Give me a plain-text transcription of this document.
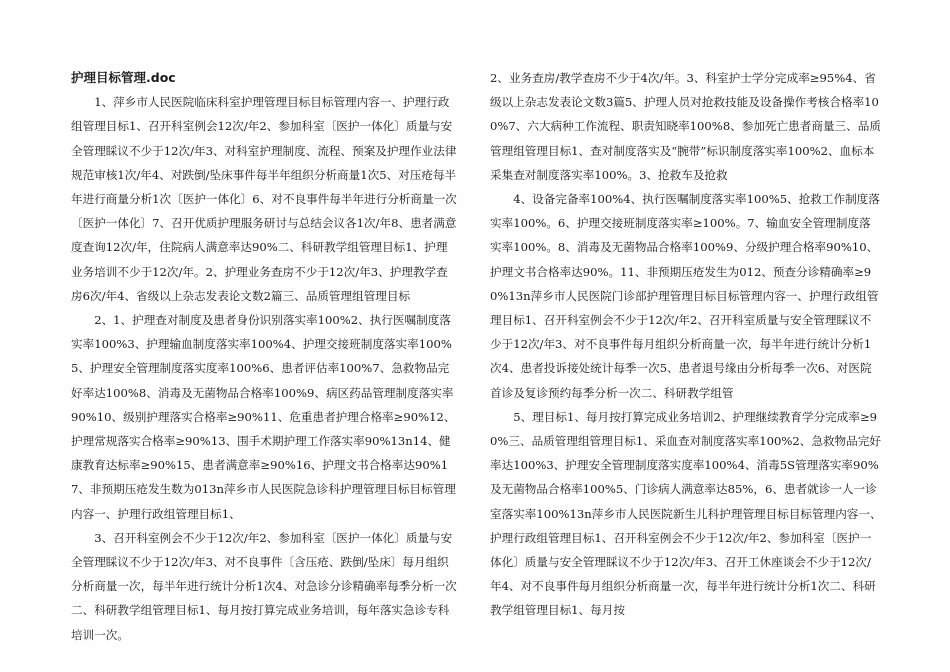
护理目标管理.doc

1、萍乡市人民医院临床科室护理管理目标目标管理内容一、护理行政组管理目标1、召开科室例会12次/年2、参加科室〔医护一体化〕质量与安全管理睬议不少于12次/年3、对科室护理制度、流程、预案及护理作业法律规范审核1次/年4、对跌倒/坠床事件每半年组织分析商量1次5、对压疮每半年进行商量分析1次〔医护一体化〕6、对不良事件每半年进行分析商量一次〔医护一体化〕7、召开优质护理服务研讨与总结会议各1次/年8、患者满意度查询12次/年，住院病人满意率达90%二、科研教学组管理目标1、护理业务培训不少于12次/年。2、护理业务查房不少于12次/年3、护理教学查房6次/年4、省级以上杂志发表论文数2篇三、品质管理组管理目标

2、1、护理查对制度及患者身份识别落实率100%2、执行医嘱制度落实率100%3、护理输血制度落实率100%4、护理交接班制度落实率100%5、护理安全管理制度落实度率100%6、患者评估率100%7、急救物品完好率达100%8、消毒及无菌物品合格率100%9、病区药品管理制度落实率90%10、级别护理落实合格率≥90%11、危重患者护理合格率≥90%12、护理常规落实合格率≥90%13、围手术期护理工作落实率90%13n14、健康教育达标率≥90%15、患者满意率≥90%16、护理文书合格率达90%17、非预期压疮发生数为013n萍乡市人民医院急诊科护理管理目标目标管理内容一、护理行政组管理目标1、

3、召开科室例会不少于12次/年2、参加科室〔医护一体化〕质量与安全管理睬议不少于12次/年3、对不良事件〔含压疮、跌倒/坠床〕每月组织分析商量一次，每半年进行统计分析1次4、对急诊分诊精确率每季分析一次二、科研教学组管理目标1、每月按打算完成业务培训，每年落实急诊专科培训一次。

2、业务查房/教学查房不少于4次/年。3、科室护士学分完成率≥95%4、省级以上杂志发表论文数3篇5、护理人员对抢救技能及设备操作考核合格率100%7、六大病种工作流程、职责知晓率100%8、参加死亡患者商量三、品质管理组管理目标1、查对制度落实及“腕带”标识制度落实率100%2、血标本采集查对制度落实率100%。3、抢救车及抢救

4、设备完备率100%4、执行医嘱制度落实率100%5、抢救工作制度落实率100%。6、护理交接班制度落实率≥100%。7、输血安全管理制度落实率100%。8、消毒及无菌物品合格率100%9、分级护理合格率90%10、护理文书合格率达90%。11、非预期压疮发生为012、预查分诊精确率≥90%13n萍乡市人民医院门诊部护理管理目标目标管理内容一、护理行政组管理目标1、召开科室例会不少于12次/年2、召开科室质量与安全管理睬议不少于12次/年3、对不良事件每月组织分析商量一次，每半年进行统计分析1次4、患者投诉接处统计每季一次5、患者退号缘由分析每季一次6、对医院首诊及复诊预约每季分析一次二、科研教学组管

5、理目标1、每月按打算完成业务培训2、护理继续教育学分完成率≥90%三、品质管理组管理目标1、采血查对制度落实率100%2、急救物品完好率达100%3、护理安全管理制度落实度率100%4、消毒5S管理落实率90%及无菌物品合格率100%5、门诊病人满意率达85%，6、患者就诊一人一诊室落实率100%13n萍乡市人民医院新生儿科护理管理目标目标管理内容一、护理行政组管理目标1、召开科室例会不少于12次/年2、参加科室〔医护一体化〕质量与安全管理睬议不少于12次/年3、召开工休座谈会不少于12次/年4、对不良事件每月组织分析商量一次，每半年进行统计分析1次二、科研教学组管理目标1、每月按
